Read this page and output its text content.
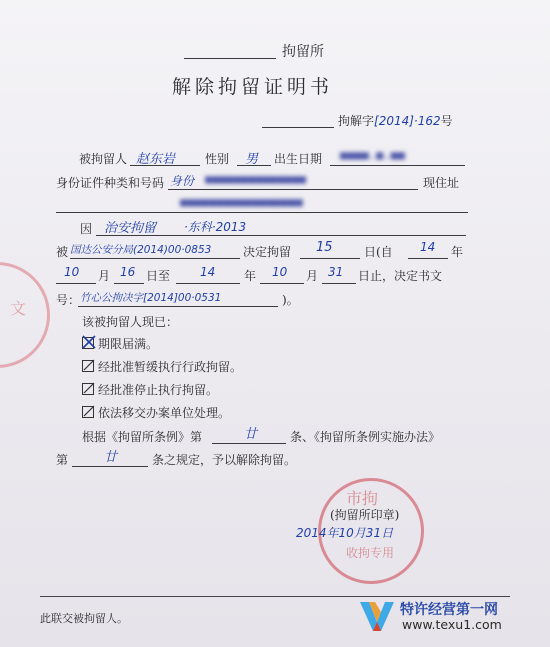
拘留所
解除拘留证明书
拘解字[2014]·162号
被拘留人 赵东岩 性别 男 出生日期 ■■■■.■.■■
身份证件种类和号码 身份 ■■■■■■■■■■■■■■	现住址
■■■■■■■■■■■■■■■■■
因 治安拘留 ·东科·2013
被 国达公安分局(2014)00·0853	决定拘留 15	日(自 14 年
10 月 16 日至 14 年 10 月 31 日止，决定书文
号： 竹心公拘决字[2014]00·0531	)。
该被拘留人现已：
期限届满。
经批准暂缓执行行政拘留。
经批准停止执行拘留。
依法移交办案单位处理。
根据《拘留所条例》第	廿	条、《拘留所条例实施办法》
第	廿	条之规定，予以解除拘留。
市拘
收拘专用
(拘留所印章)
2014年10月31日
文
此联交被拘留人。
特许经营第一网
www.texu1.com
